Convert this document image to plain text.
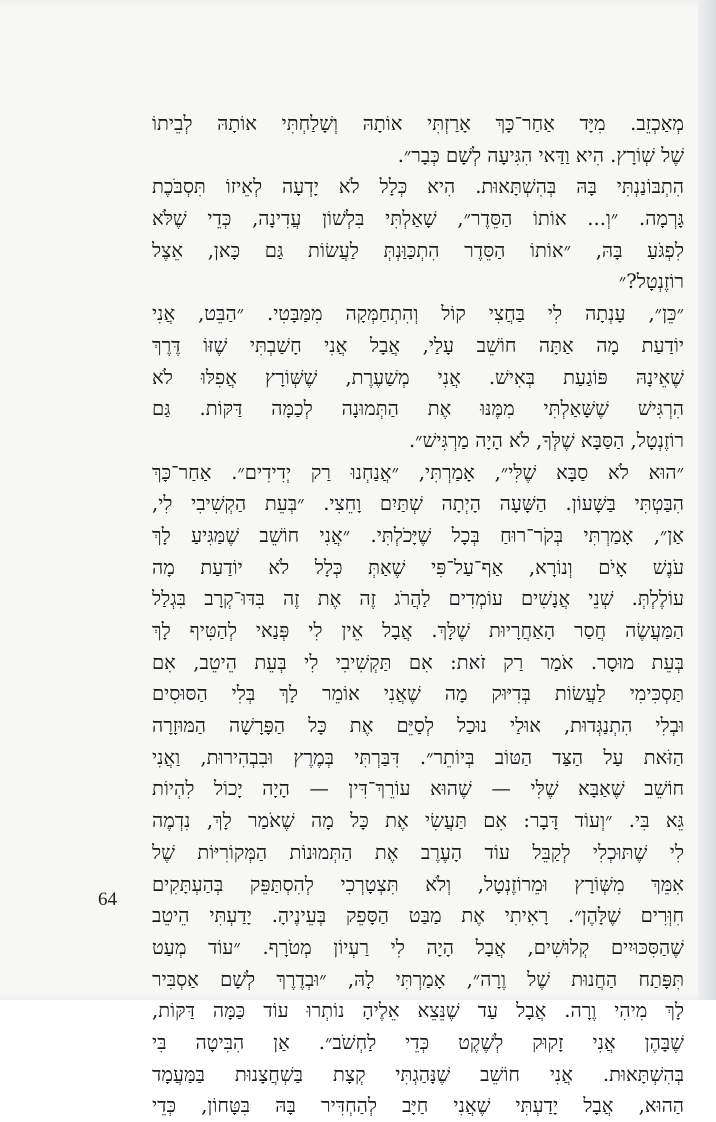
מְאַכְזֵב. מִיָּד אַחַר־כָּךְ אָרַזְתִּי אוֹתָהּ וְשָׁלַחְתִּי אוֹתָהּ לְבֵיתוֹ
שֶׁל שְׁוֹרָץ. הִיא וַדַּאי הִגִּיעָה לְשָׁם כְּבָר״.
הִתְבּוֹנַנְתִּי בָּהּ בְּהִשְׁתָּאוּת. הִיא כְּלָל לֹא יָדְעָה לְאֵיזוֹ תִּסְבֹּכֶת
גָּרְמָה. ״וְ... אוֹתוֹ הַסֵּדֶר״, שָׁאַלְתִּי בִּלְשׁוֹן עֲדִינָה, כְּדֵי שֶׁלֹּא
לִפְגֹּעַ בָּהּ, ״אוֹתוֹ הַסֵּדֶר הִתְכַּוַּנְתְּ לַעֲשׂוֹת גַּם כָּאן, אֵצֶל
רוֹזֶנְטָל?״
״כֵּן״, עָנְתָה לִי בַּחֲצִי קוֹל וְהִתְחַמְּקָה מִמַּבָּטִי. ״הַבֵּט, אֲנִי
יוֹדַעַת מָה אַתָּה חוֹשֵׁב עָלַי, אֲבָל אֲנִי חָשַׁבְתִּי שֶׁזּוֹ דֶּרֶךְ
שֶׁאֵינָהּ פּוֹגַעַת בְּאִישׁ. אֲנִי מְשַׁעֶרֶת, שֶׁשְּׁוֹרָץ אֲפִלּוּ לֹא
הִרְגִּישׁ שֶׁשָּׁאַלְתִּי מִמֶּנּוּ אֶת הַתְּמוּנָה לְכַמָּה דַּקּוֹת. גַּם
רוֹזֶנְטָל, הַסַּבָּא שֶׁלְּךָ, לֹא הָיָה מַרְגִּישׁ״.
״הוּא לֹא סַבָּא שֶׁלִּי״, אָמַרְתִּי, ״אֲנַחְנוּ רַק יְדִידִים״. אַחַר־כָּךְ
הִבַּטְתִּי בַּשָּׁעוֹן. הַשָּׁעָה הָיְתָה שְׁתַּיִם וָחֵצִי. ״בְּעֵת הַקְשִׁיבִי לִי,
אַן״, אָמַרְתִּי בְּקֹר־רוּחַ בְּכָל שֶׁיָּכֹלְתִּי. ״אֲנִי חוֹשֵׁב שֶׁמַּגִּיעַ לָךְ
עֹנֶשׁ אָיֹם וְנוֹרָא, אַף־עַל־פִּי שֶׁאַתְּ כְּלָל לֹא יוֹדַעַת מָה
עוֹלֶלְתְּ. שְׁנֵי אֲנָשִׁים עוֹמְדִים לַהֲרֹג זֶה אֶת זֶה בִּדּוּ־קְרָב בִּגְלַל
הַמַּעֲשֶׂה חֲסַר הָאַחֲרָיוּת שֶׁלָּךְ. אֲבָל אֵין לִי פְּנַאי לְהַטִּיף לָךְ
בְּעֵת מוּסָר. אֹמַר רַק זֹאת: אִם תַּקְשִׁיבִי לִי בְּעֵת הֵיטֵב, אִם
תַּסְכִּימִי לַעֲשׂוֹת בְּדִיּוּק מָה שֶׁאֲנִי אוֹמֵר לָךְ בְּלִי הַסּוּסִים
וּבְלִי הִתְנַגְּדוּת, אוּלַי נוּכַל לְסַיֵּם אֶת כָּל הַפָּרָשָׁה הַמּוּזָרָה
הַזֹּאת עַל הַצַּד הַטּוֹב בְּיוֹתֵר״. דִּבַּרְתִּי בְּמֶרֶץ וּבִבְהִירוּת, וַאֲנִי
חוֹשֵׁב שֶׁאַבָּא שֶׁלִּי — שֶׁהוּא עוֹרֵךְ־דִּין — הָיָה יָכוֹל לִהְיוֹת
גֵּא בִּי. ״וְעוֹד דָּבָר: אִם תַּעֲשִׂי אֶת כָּל מָה שֶׁאֹמַר לָךְ, נִדְמֶה
לִי שֶׁתּוּכְלִי לְקַבֵּל עוֹד הָעֶרֶב אֶת הַתְּמוּנוֹת הַמְּקוֹרִיּוֹת שֶׁל
אִמֵּךְ מִשְּׁוֹרָץ וּמֵרוֹזֶנְטָל, וְלֹא תִּצְטָרְכִי לְהִסְתַּפֵּק בְּהַעְתָּקִים
חִוְּרִים שֶׁלָּהֶן״. רָאִיתִי אֶת מַבַּט הַסָּפֵק בְּעֵינֶיהָ. יָדַעְתִּי הֵיטֵב
שֶׁהַסִּכּוּיִים קְלוּשִׁים, אֲבָל הָיָה לִי רַעְיוֹן מְטֹרָף. ״עוֹד מְעַט
תִּפָּתַח הַחֲנוּת שֶׁל וֶרָה״, אָמַרְתִּי לָהּ, ״וּבְדֶרֶךְ לְשָׁם אַסְבִּיר
לָךְ מִיהִי וֶרָה. אֲבָל עַד שֶׁנֵּצֵא אֵלֶיהָ נוֹתְרוּ עוֹד כַּמָּה דַּקּוֹת,
שֶׁבָּהֶן אֲנִי זָקוּק לְשֶׁקֶט כְּדֵי לַחְשֹׁב״. אַן הִבִּיטָה בִּי
בְּהִשְׁתָּאוּת. אֲנִי חוֹשֵׁב שֶׁנָּהַגְתִּי קְצָת בַּשְׁחֲצָנוּת בַּמַּעֲמָד
הַהוּא, אֲבָל יָדַעְתִּי שֶׁאֲנִי חַיָּב לְהַחְדִּיר בָּהּ בִּטָּחוֹן, כְּדֵי
64
